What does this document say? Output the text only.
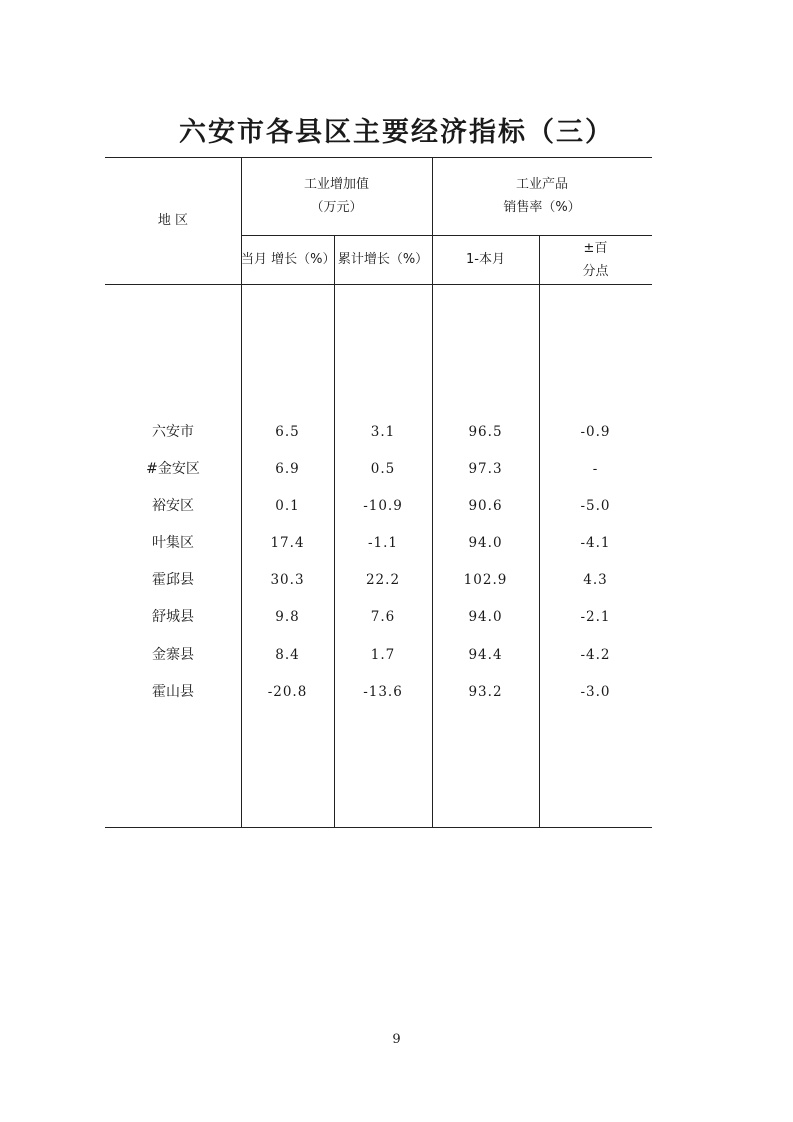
六安市各县区主要经济指标（三）
地 区
工业增加值
（万元）
工业产品
销售率（%）
当月 增长（%） 累计增长（%）	1-本月
±百
分点
六安市	6.5	3.1	96.5	-0.9
#金安区	6.9	0.5	97.3	-
裕安区	0.1	-10.9	90.6	-5.0
叶集区	17.4	-1.1	94.0	-4.1
霍邱县	30.3	22.2	102.9	4.3
舒城县	9.8	7.6	94.0	-2.1
金寨县	8.4	1.7	94.4	-4.2
霍山县	-20.8	-13.6	93.2	-3.0
9
